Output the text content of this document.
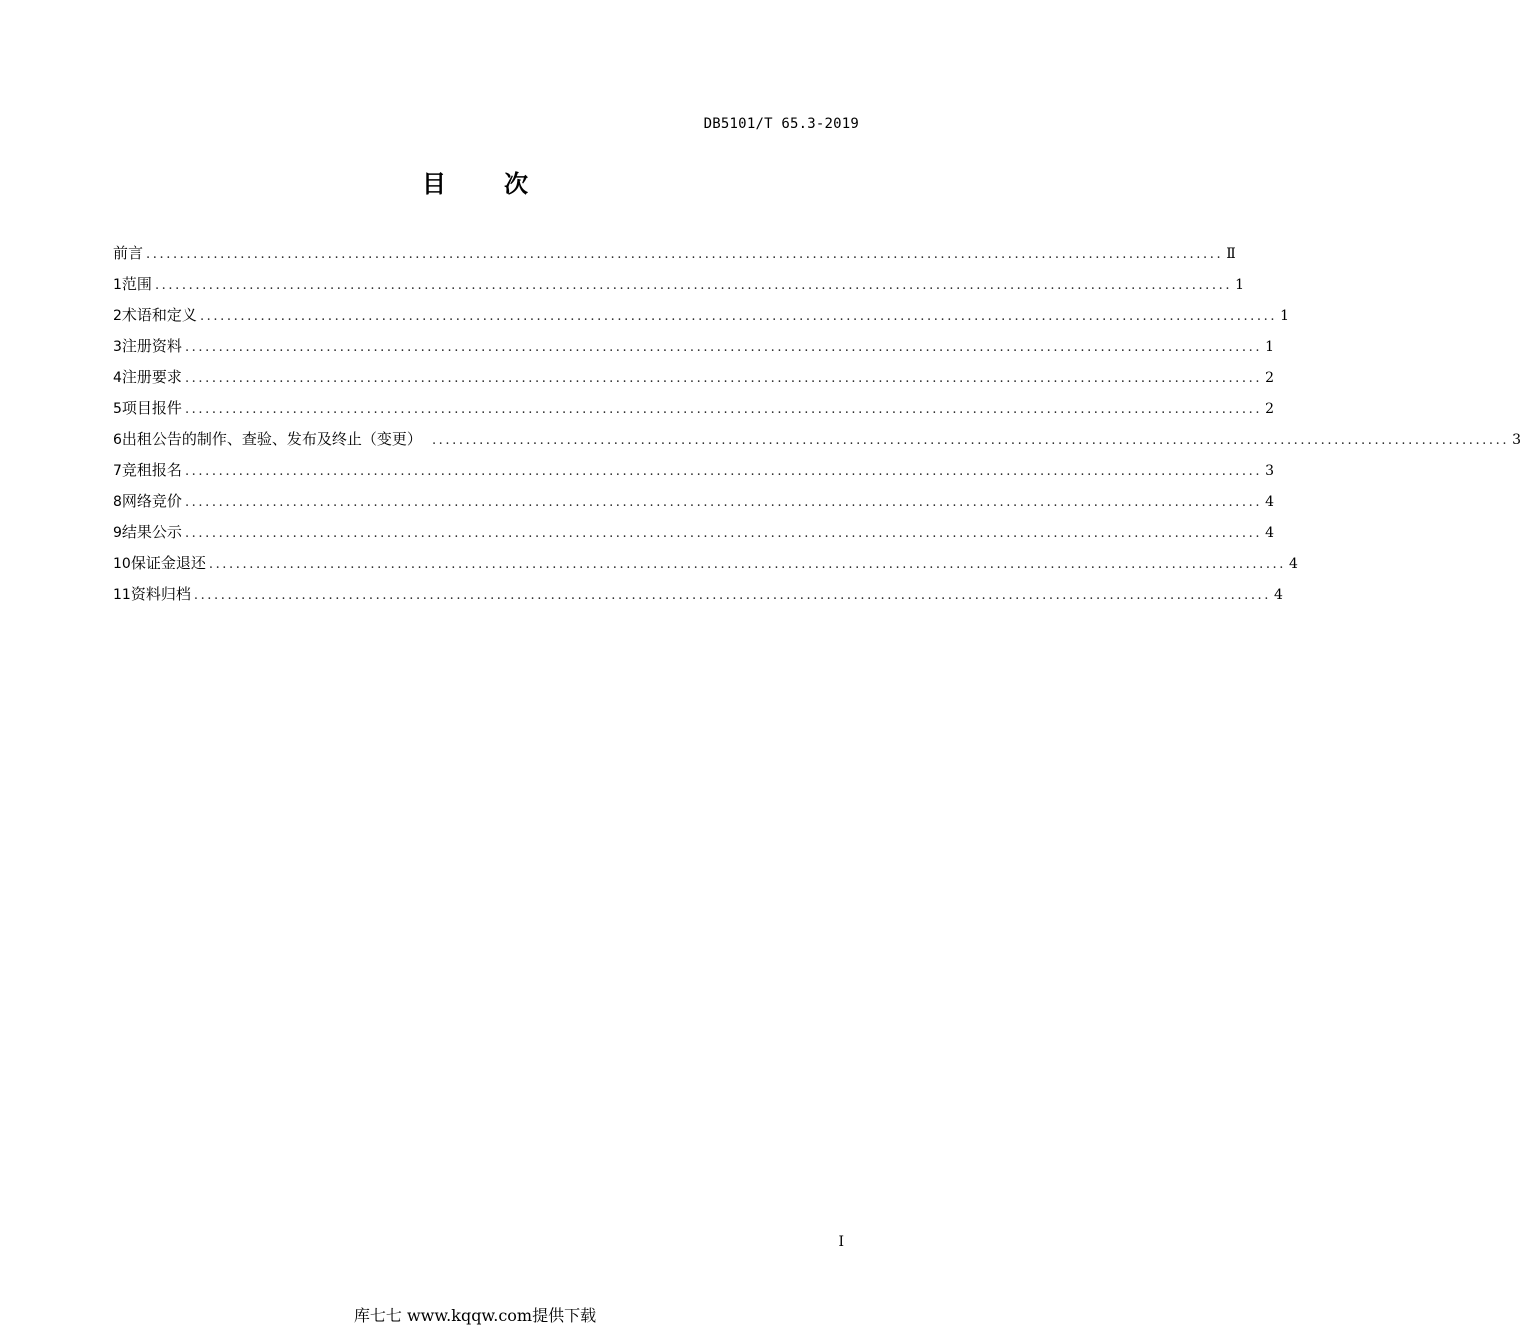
DB5101/T 65.3-2019
目 次
前言 ................................................................................................................................................................ Ⅱ
1 范围 ................................................................................................................................................................ 1
2 术语和定义 ................................................................................................................................................................ 1
3 注册资料 ................................................................................................................................................................ 1
4 注册要求 ................................................................................................................................................................ 2
5 项目报件 ................................................................................................................................................................ 2
6 出租公告的制作、查验、发布及终止（变更） ................................................................................................................................................................ 3
7 竞租报名 ................................................................................................................................................................ 3
8 网络竞价 ................................................................................................................................................................ 4
9 结果公示 ................................................................................................................................................................ 4
10 保证金退还 ................................................................................................................................................................ 4
11 资料归档 ................................................................................................................................................................ 4
I
库七七 www.kqqw.com提供下载
